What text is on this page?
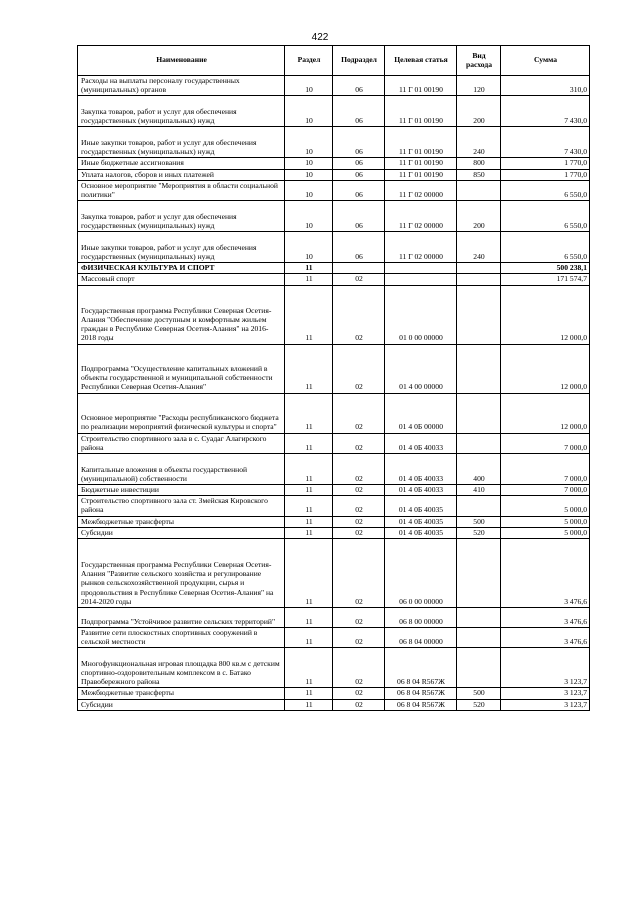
422
Наименование	Раздел	Подраздел	Целевая статья	Вид расхода	Сумма
Расходы на выплаты персоналу государственных (муниципальных) органов	10	06	11 Г 01 00190	120	310,0
Закупка товаров, работ и услуг для обеспечения государственных (муниципальных) нужд	10	06	11 Г 01 00190	200	7 430,0
Иные закупки товаров, работ и услуг для обеспечения государственных (муниципальных) нужд	10	06	11 Г 01 00190	240	7 430,0
Иные бюджетные ассигнования	10	06	11 Г 01 00190	800	1 770,0
Уплата налогов, сборов и иных платежей	10	06	11 Г 01 00190	850	1 770,0
Основное мероприятие "Мероприятия в области социальной политики"	10	06	11 Г 02 00000		6 550,0
Закупка товаров, работ и услуг для обеспечения государственных (муниципальных) нужд	10	06	11 Г 02 00000	200	6 550,0
Иные закупки товаров, работ и услуг для обеспечения государственных (муниципальных) нужд	10	06	11 Г 02 00000	240	6 550,0
ФИЗИЧЕСКАЯ КУЛЬТУРА И СПОРТ	11				500 238,1
Массовый спорт	11	02			171 574,7
Государственная программа Республики Северная Осетия-Алания "Обеспечение доступным и комфортным жильем граждан в Республике Северная Осетия-Алания" на 2016-2018 годы	11	02	01 0 00 00000		12 000,0
Подпрограмма "Осуществление капитальных вложений в объекты государственной и муниципальной собственности Республики Северная Осетия-Алания"	11	02	01 4 00 00000		12 000,0
Основное мероприятие "Расходы республиканского бюджета по реализации мероприятий физической культуры и спорта"	11	02	01 4 0Б 00000		12 000,0
Строительство спортивного зала в с. Суадаг Алагирского района	11	02	01 4 0Б 40033		7 000,0
Капитальные вложения в объекты государственной (муниципальной) собственности	11	02	01 4 0Б 40033	400	7 000,0
Бюджетные инвестиции	11	02	01 4 0Б 40033	410	7 000,0
Строительство спортивного зала ст. Змейская Кировского района	11	02	01 4 0Б 40035		5 000,0
Межбюджетные трансферты	11	02	01 4 0Б 40035	500	5 000,0
Субсидии	11	02	01 4 0Б 40035	520	5 000,0
Государственная программа Республики Северная Осетия-Алания "Развитие сельского хозяйства и регулирование рынков сельскохозяйственной продукции, сырья и продовольствия в Республике Северная Осетия-Алания" на 2014-2020 годы	11	02	06 0 00 00000		3 476,6
Подпрограмма "Устойчивое развитие сельских территорий"	11	02	06 8 00 00000		3 476,6
Развитие сети плоскостных спортивных сооружений в сельской местности	11	02	06 8 04 00000		3 476,6
Многофункциональная игровая площадка 800 кв.м с детским спортивно-оздоровительным комплексом в с. Батако Правобережного района	11	02	06 8 04 R567Ж		3 123,7
Межбюджетные трансферты	11	02	06 8 04 R567Ж	500	3 123,7
Субсидии	11	02	06 8 04 R567Ж	520	3 123,7
